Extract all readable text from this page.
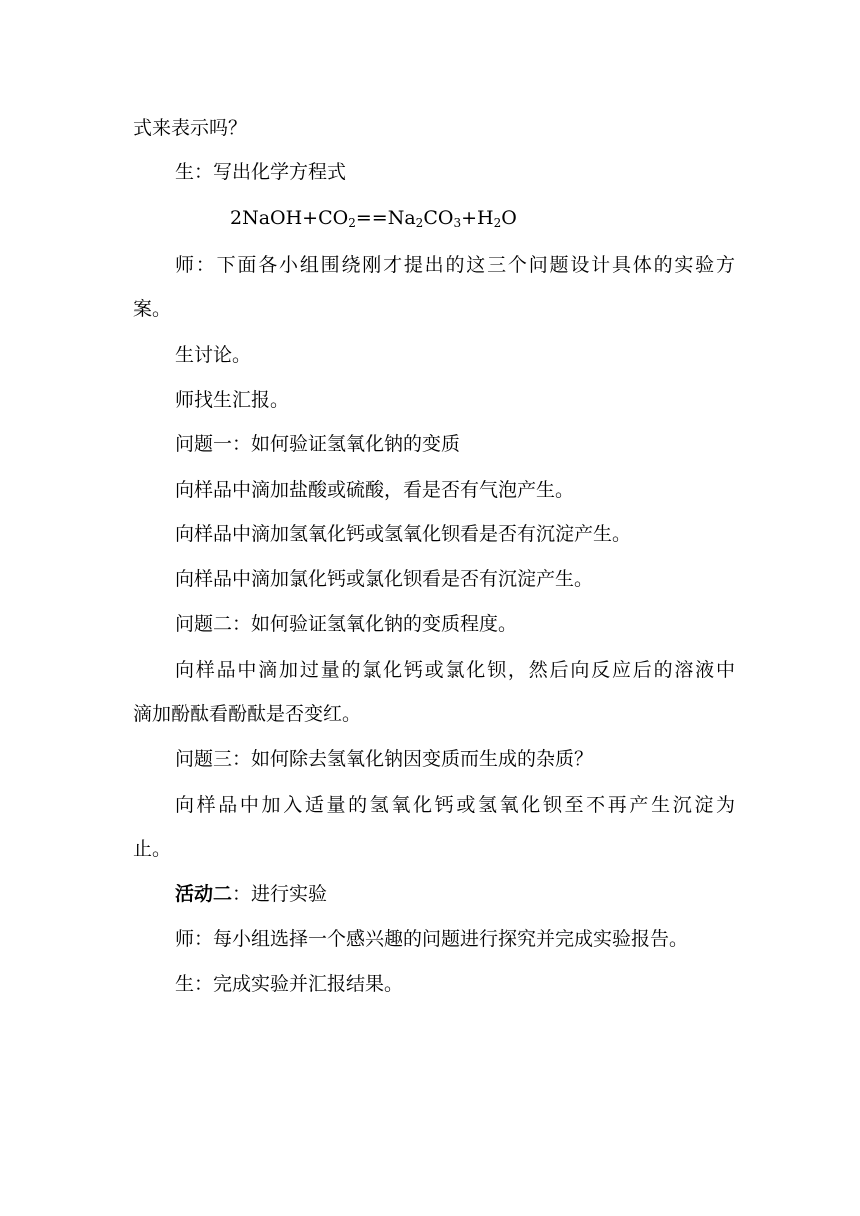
式来表示吗？
生：写出化学方程式
$2NaOH+CO_2==Na_2CO_3+H_2O$
师：下面各小组围绕刚才提出的这三个问题设计具体的实验方
案。
生讨论。
师找生汇报。
问题一：如何验证氢氧化钠的变质
向样品中滴加盐酸或硫酸，看是否有气泡产生。
向样品中滴加氢氧化钙或氢氧化钡看是否有沉淀产生。
向样品中滴加氯化钙或氯化钡看是否有沉淀产生。
问题二：如何验证氢氧化钠的变质程度。
向样品中滴加过量的氯化钙或氯化钡，然后向反应后的溶液中
滴加酚酞看酚酞是否变红。
问题三：如何除去氢氧化钠因变质而生成的杂质？
向样品中加入适量的氢氧化钙或氢氧化钡至不再产生沉淀为
止。
活动二：进行实验
师：每小组选择一个感兴趣的问题进行探究并完成实验报告。
生：完成实验并汇报结果。
